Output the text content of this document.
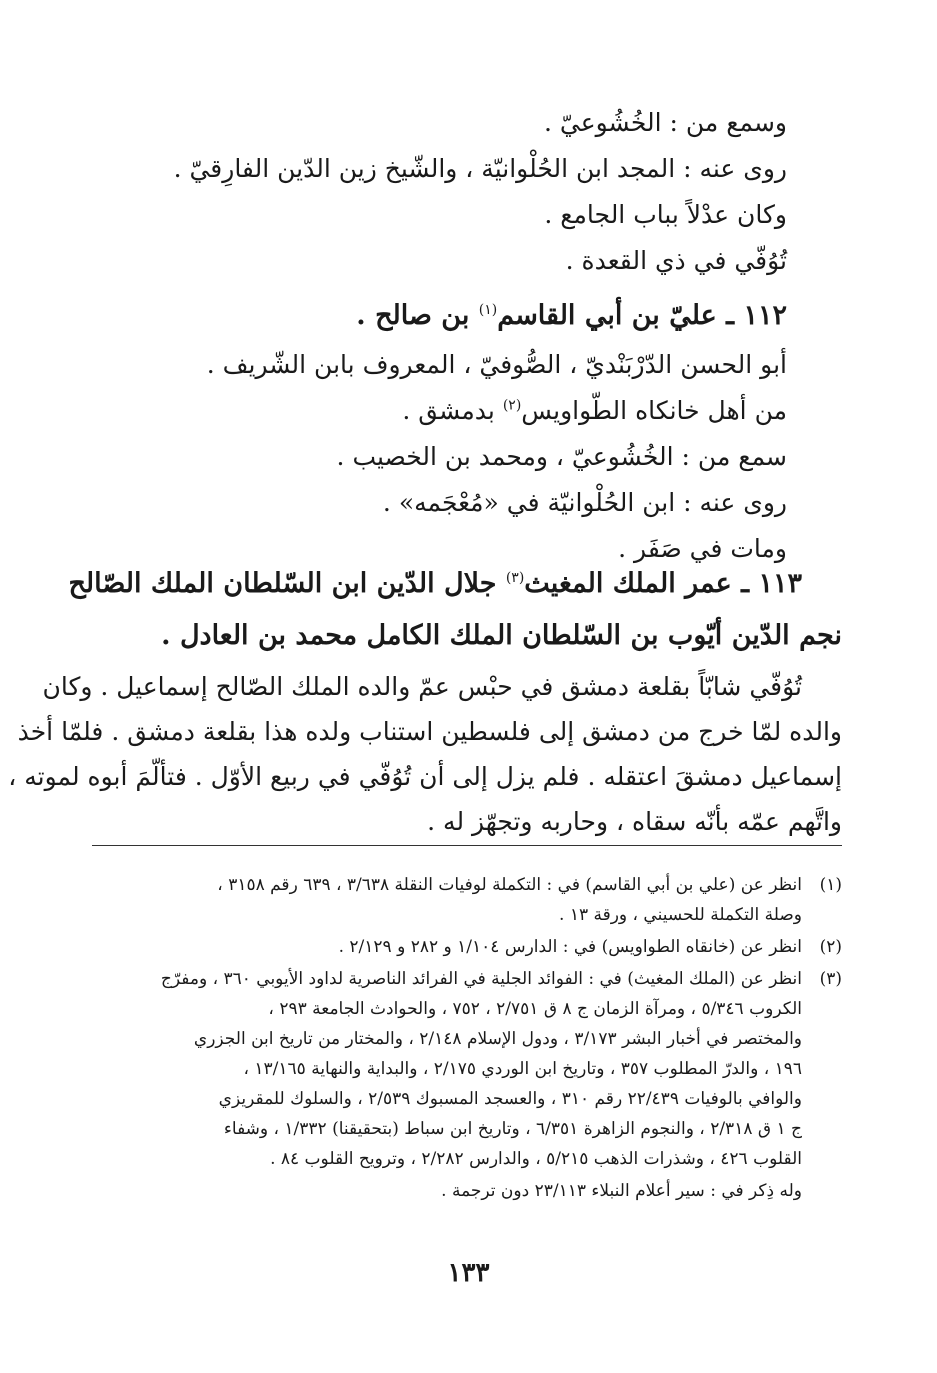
وسمع من : الخُشُوعيّ .
روى عنه : المجد ابن الحُلْوانيّة ، والشّيخ زين الدّين الفارِقيّ .
وكان عدْلاً بباب الجامع .
تُوُفّي في ذي القعدة .
١١٢ ـ عليّ بن أبي القاسم$^{(١)}$ بن صالح .
أبو الحسن الدّرْبَنْديّ ، الصُّوفيّ ، المعروف بابن الشّريف .
من أهل خانكاه الطّواويس$^{(٢)}$ بدمشق .
سمع من : الخُشُوعيّ ، ومحمد بن الخصيب .
روى عنه : ابن الحُلْوانيّة في «مُعْجَمه» .
ومات في صَفَر .
١١٣ ـ عمر الملك المغيث$^{(٣)}$ جلال الدّين ابن السّلطان الملك الصّالح
نجم الدّين أيّوب بن السّلطان الملك الكامل محمد بن العادل .
تُوُفّي شابّاً بقلعة دمشق في حبْس عمّ والده الملك الصّالح إسماعيل . وكان
والده لمّا خرج من دمشق إلى فلسطين استناب ولده هذا بقلعة دمشق . فلمّا أخذ
إسماعيل دمشقَ اعتقله . فلم يزل إلى أن تُوُفّي في ربيع الأوّل . فتألّمَ أبوه لموته ،
واتَّهم عمّه بأنّه سقاه ، وحاربه وتجهّز له .
(١)
انظر عن (علي بن أبي القاسم) في : التكملة لوفيات النقلة ٣/٦٣٨ ، ٦٣٩ رقم ٣١٥٨ ،
وصلة التكملة للحسيني ، ورقة ١٣ .
(٢)
انظر عن (خانقاه الطواويس) في : الدارس ١/١٠٤ و ٢٨٢ و ٢/١٢٩ .
(٣)
انظر عن (الملك المغيث) في : الفوائد الجلية في الفرائد الناصرية لداود الأيوبي ٣٦٠ ، ومفرّج
الكروب ٥/٣٤٦ ، ومرآة الزمان ج ٨ ق ٢/٧٥١ ، ٧٥٢ ، والحوادث الجامعة ٢٩٣ ،
والمختصر في أخبار البشر ٣/١٧٣ ، ودول الإسلام ٢/١٤٨ ، والمختار من تاريخ ابن الجزري
١٩٦ ، والدرّ المطلوب ٣٥٧ ، وتاريخ ابن الوردي ٢/١٧٥ ، والبداية والنهاية ١٣/١٦٥ ،
والوافي بالوفيات ٢٢/٤٣٩ رقم ٣١٠ ، والعسجد المسبوك ٢/٥٣٩ ، والسلوك للمقريزي
ج ١ ق ٢/٣١٨ ، والنجوم الزاهرة ٦/٣٥١ ، وتاريخ ابن سباط (بتحقيقنا) ١/٣٣٢ ، وشفاء
القلوب ٤٢٦ ، وشذرات الذهب ٥/٢١٥ ، والدارس ٢/٢٨٢ ، وترويح القلوب ٨٤ .
وله ذِكر في : سير أعلام النبلاء ٢٣/١١٣ دون ترجمة .
١٣٣
